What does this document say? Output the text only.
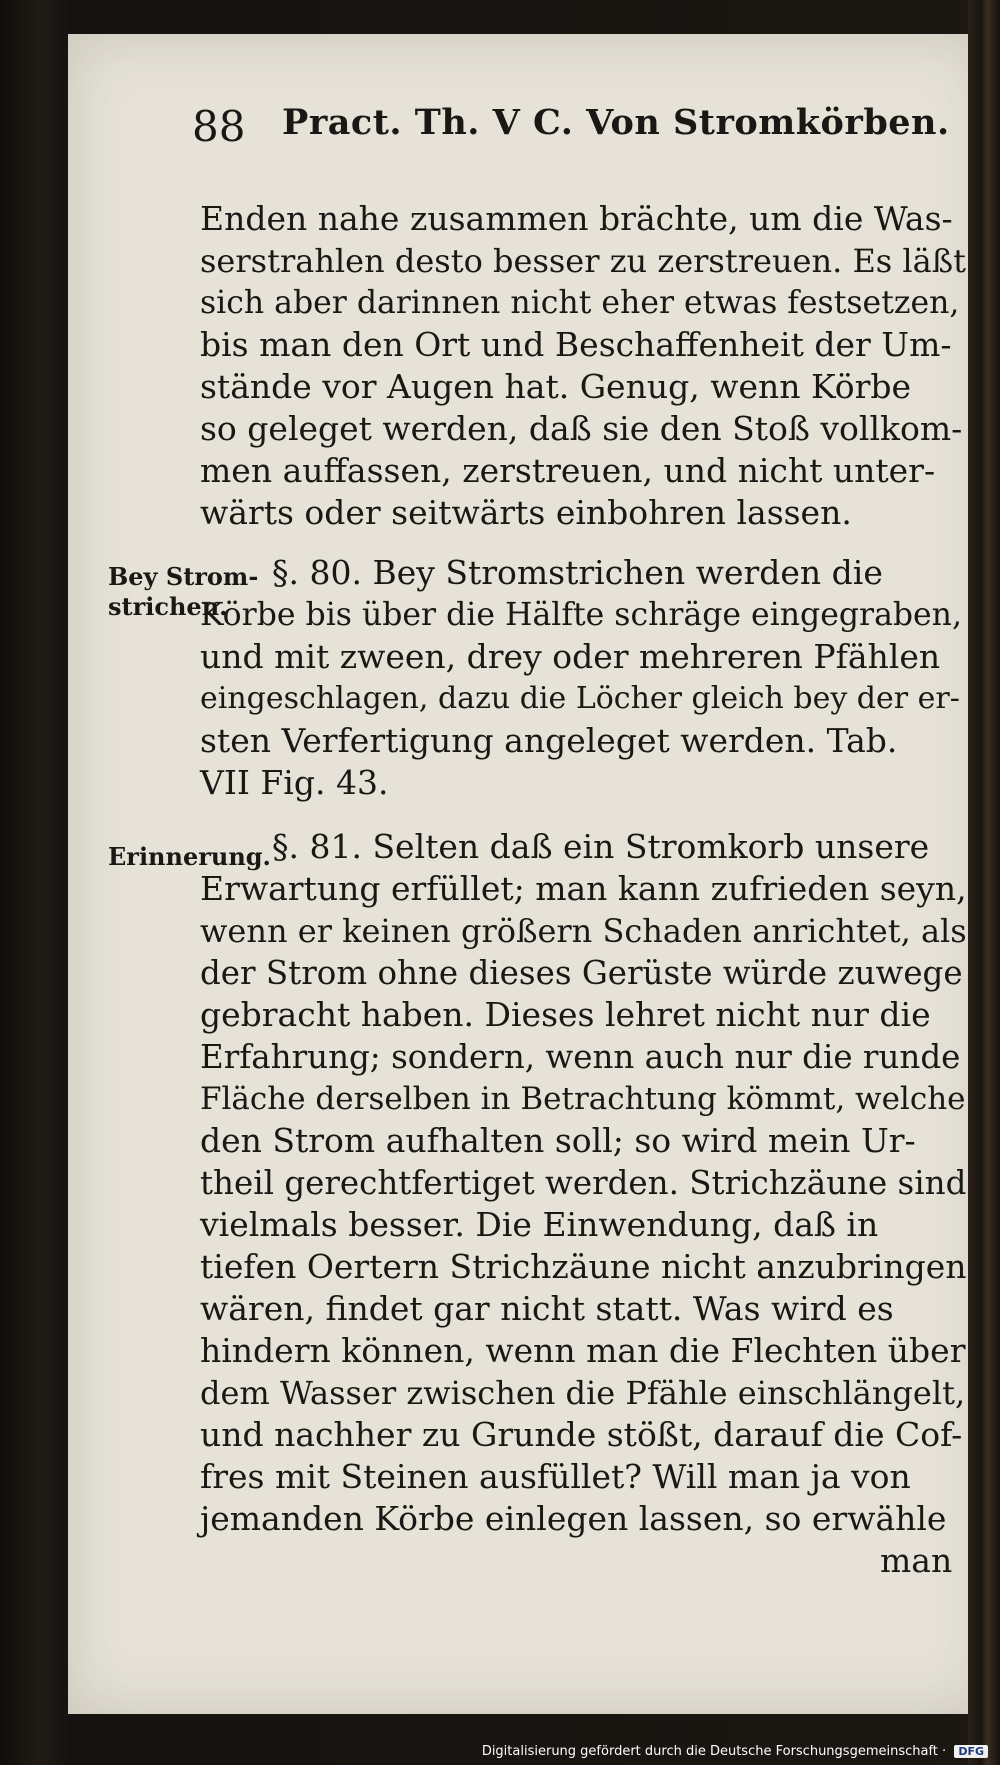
88 Pract. Th. V C. Von Stromkörben.
Bey Strom-
strichen.
Erinnerung.
Enden nahe zusammen brächte, um die Was-
serstrahlen desto besser zu zerstreuen. Es läßt
sich aber darinnen nicht eher etwas festsetzen,
bis man den Ort und Beschaffenheit der Um-
stände vor Augen hat. Genug, wenn Körbe
so geleget werden, daß sie den Stoß vollkom-
men auffassen, zerstreuen, und nicht unter-
wärts oder seitwärts einbohren lassen.
§. 80. Bey Stromstrichen werden die
Körbe bis über die Hälfte schräge eingegraben,
und mit zween, drey oder mehreren Pfählen
eingeschlagen, dazu die Löcher gleich bey der er-
sten Verfertigung angeleget werden. Tab.
VII Fig. 43.
§. 81. Selten daß ein Stromkorb unsere
Erwartung erfüllet; man kann zufrieden seyn,
wenn er keinen größern Schaden anrichtet, als
der Strom ohne dieses Gerüste würde zuwege
gebracht haben. Dieses lehret nicht nur die
Erfahrung; sondern, wenn auch nur die runde
Fläche derselben in Betrachtung kömmt, welche
den Strom aufhalten soll; so wird mein Ur-
theil gerechtfertiget werden. Strichzäune sind
vielmals besser. Die Einwendung, daß in
tiefen Oertern Strichzäune nicht anzubringen
wären, findet gar nicht statt. Was wird es
hindern können, wenn man die Flechten über
dem Wasser zwischen die Pfähle einschlängelt,
und nachher zu Grunde stößt, darauf die Cof-
fres mit Steinen ausfüllet? Will man ja von
jemanden Körbe einlegen lassen, so erwähle
man
Digitalisierung gefördert durch die Deutsche Forschungsgemeinschaft · DFG
